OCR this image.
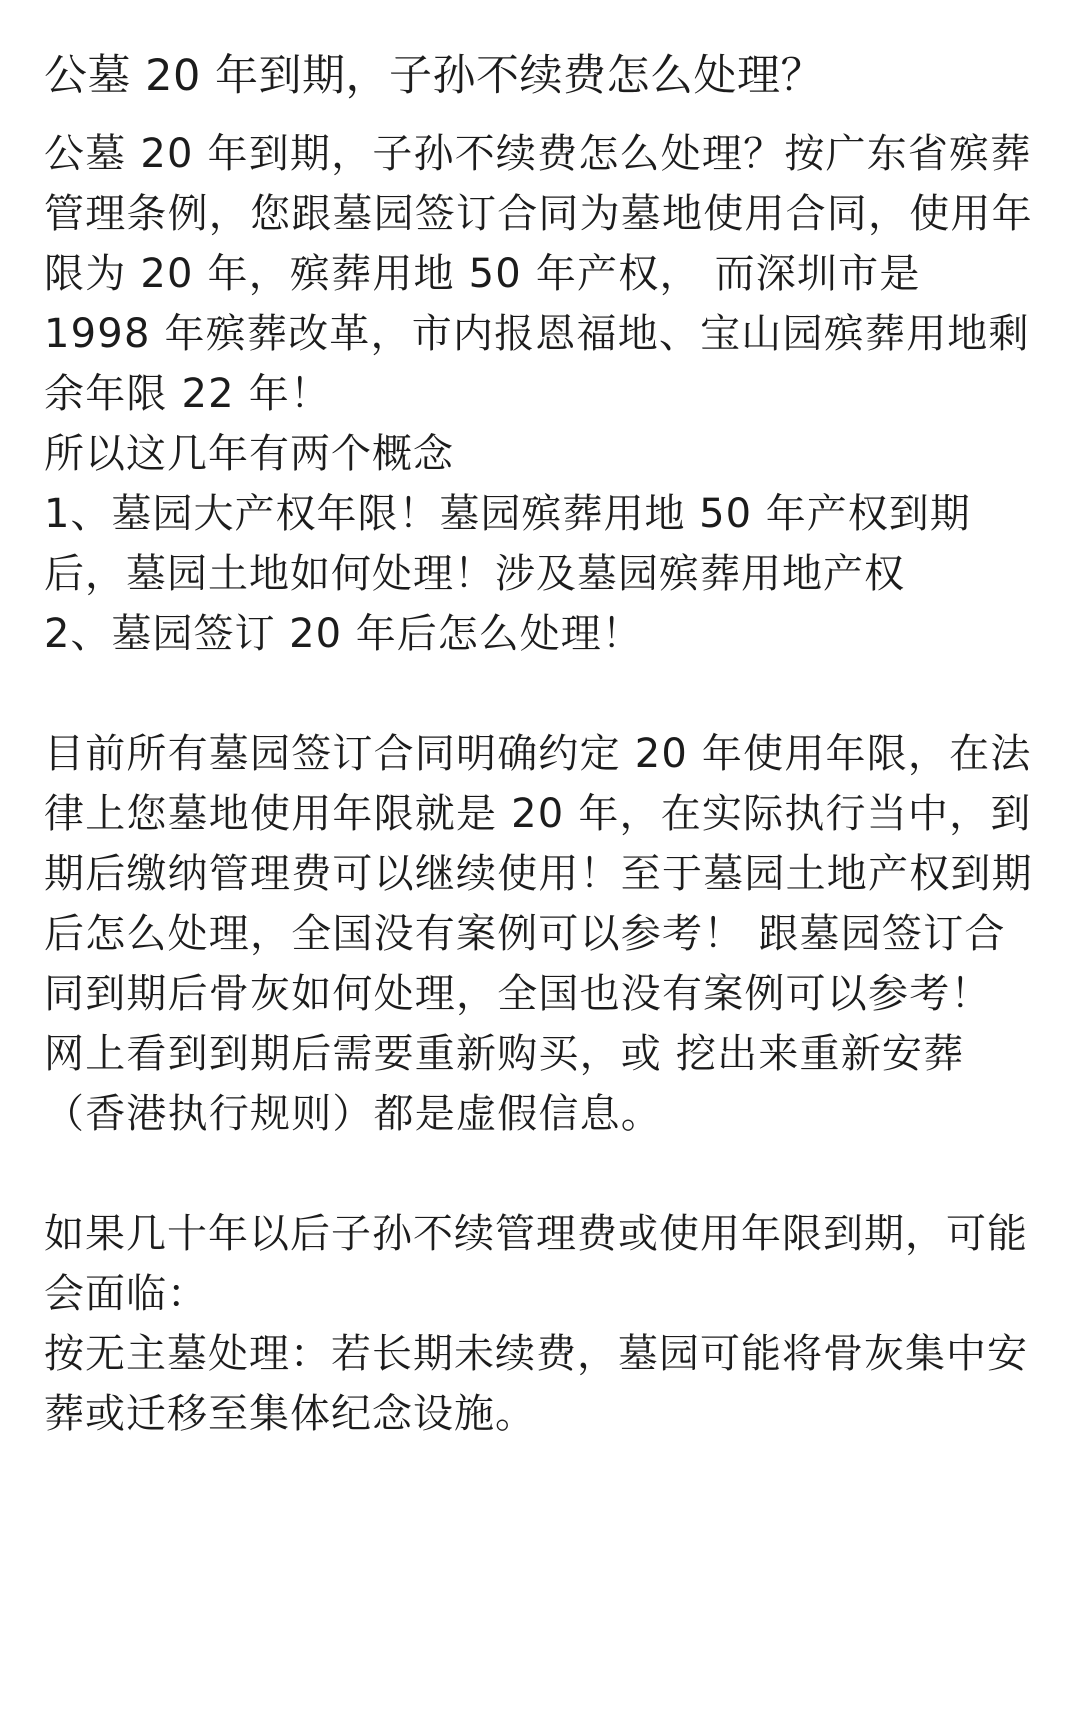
公墓 20 年到期，子孙不续费怎么处理？

公墓 20 年到期，子孙不续费怎么处理？按广东省殡葬管理条例，您跟墓园签订合同为墓地使用合同，使用年限为 20 年，殡葬用地 50 年产权， 而深圳市是 1998 年殡葬改革，市内报恩福地、宝山园殡葬用地剩余年限 22 年！

所以这几年有两个概念

1、墓园大产权年限！墓园殡葬用地 50 年产权到期后，墓园土地如何处理！涉及墓园殡葬用地产权

2、墓园签订 20 年后怎么处理！

目前所有墓园签订合同明确约定 20 年使用年限，在法律上您墓地使用年限就是 20 年，在实际执行当中，到期后缴纳管理费可以继续使用！至于墓园土地产权到期后怎么处理，全国没有案例可以参考！ 跟墓园签订合同到期后骨灰如何处理，全国也没有案例可以参考！ 网上看到到期后需要重新购买，或 挖出来重新安葬（香港执行规则）都是虚假信息。

如果几十年以后子孙不续管理费或使用年限到期，可能会面临：

按无主墓处理：若长期未续费，墓园可能将骨灰集中安葬或迁移至集体纪念设施。
